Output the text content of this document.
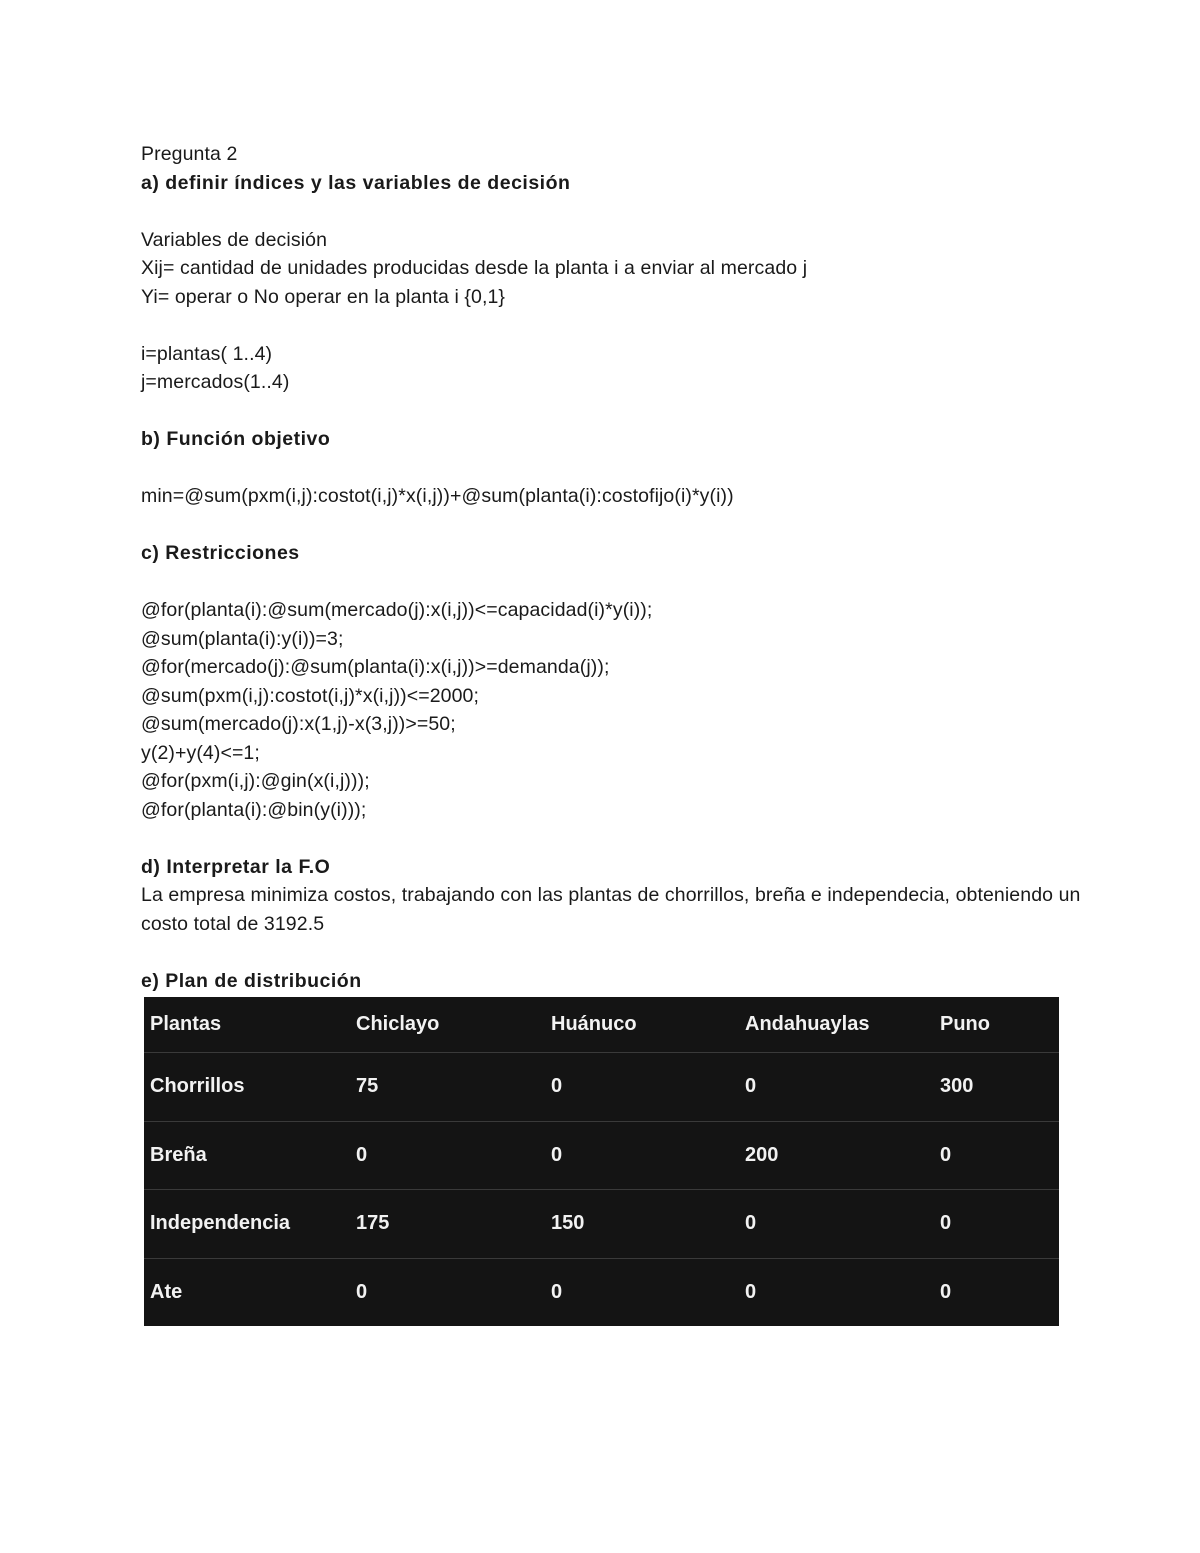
Pregunta 2
a) definir índices y las variables de decisión
Variables de decisión
Xij= cantidad de unidades producidas desde la planta i a enviar al mercado j
Yi= operar o No operar en la planta i {0,1}
i=plantas( 1..4)
j=mercados(1..4)
b) Función objetivo
min=@sum(pxm(i,j):costot(i,j)*x(i,j))+@sum(planta(i):costofijo(i)*y(i))
c) Restricciones
@for(planta(i):@sum(mercado(j):x(i,j))<=capacidad(i)*y(i));
@sum(planta(i):y(i))=3;
@for(mercado(j):@sum(planta(i):x(i,j))>=demanda(j));
@sum(pxm(i,j):costot(i,j)*x(i,j))<=2000;
@sum(mercado(j):x(1,j)-x(3,j))>=50;
y(2)+y(4)<=1;
@for(pxm(i,j):@gin(x(i,j)));
@for(planta(i):@bin(y(i)));
d) Interpretar la F.O
La empresa minimiza costos, trabajando con las plantas de chorrillos, breña e independecia, obteniendo un costo total de 3192.5
e) Plan de distribución
Plantas	Chiclayo	Huánuco	Andahuaylas	Puno
Chorrillos	75	0	0	300
Breña	0	0	200	0
Independencia	175	150	0	0
Ate	0	0	0	0
